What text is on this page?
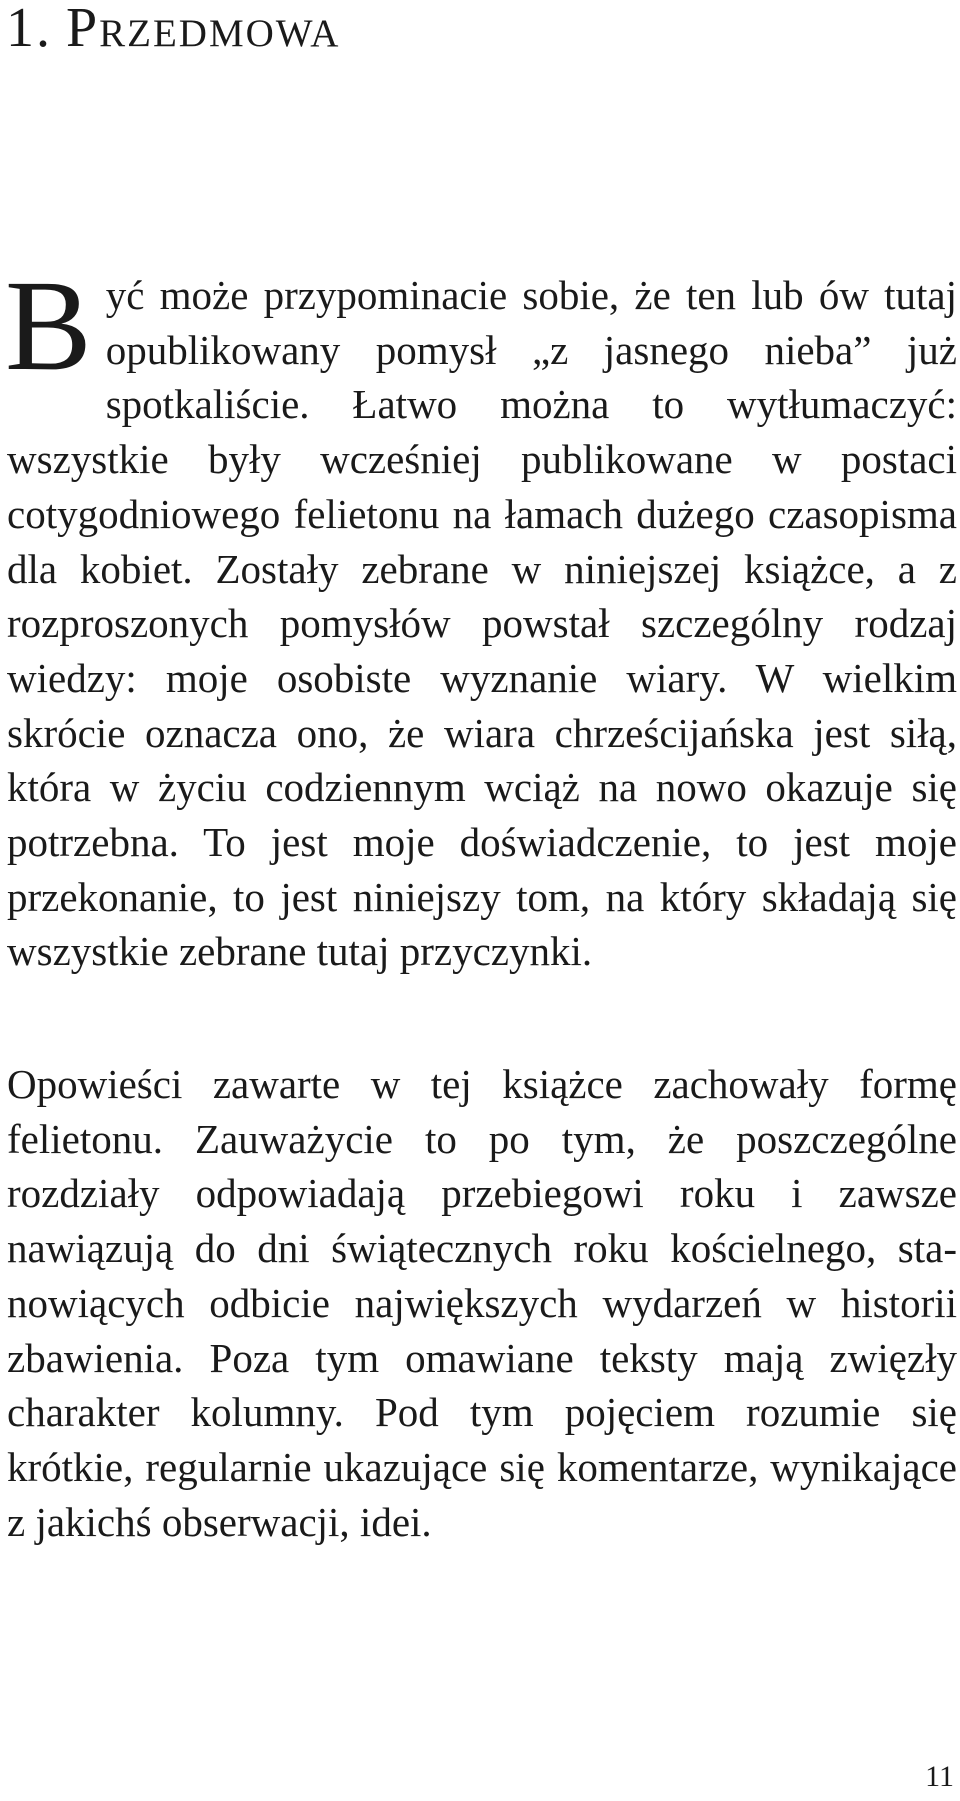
1. Przedmowa

Być może przypominacie sobie, że ten lub ów tutaj opublikowany pomysł „z jasnego nieba” już spotkaliście. Łatwo można to wytłumaczyć: wszystkie były wcześniej publikowane w postaci cotygodniowego felietonu na łamach dużego czasopisma dla kobiet. Zostały zebrane w niniejszej książce, a z rozproszonych pomysłów powstał szczególny rodzaj wiedzy: moje osobiste wyznanie wiary. W wielkim skrócie oznacza ono, że wiara chrześcijańska jest siłą, która w życiu codziennym wciąż na nowo okazuje się potrzebna. To jest moje doświadczenie, to jest moje przekonanie, to jest niniejszy tom, na który składają się wszystkie zebrane tutaj przyczynki.

Opowieści zawarte w tej książce zachowały formę felietonu. Zauważycie to po tym, że poszczególne rozdziały odpowiadają przebiegowi roku i zawsze nawiązują do dni świątecznych roku kościelnego, stanowiących odbicie największych wydarzeń w historii zbawienia. Poza tym omawiane teksty mają zwięzły charakter kolumny. Pod tym pojęciem rozumie się krótkie, regularnie ukazujące się komentarze, wynikające z jakichś obserwacji, idei.

11
